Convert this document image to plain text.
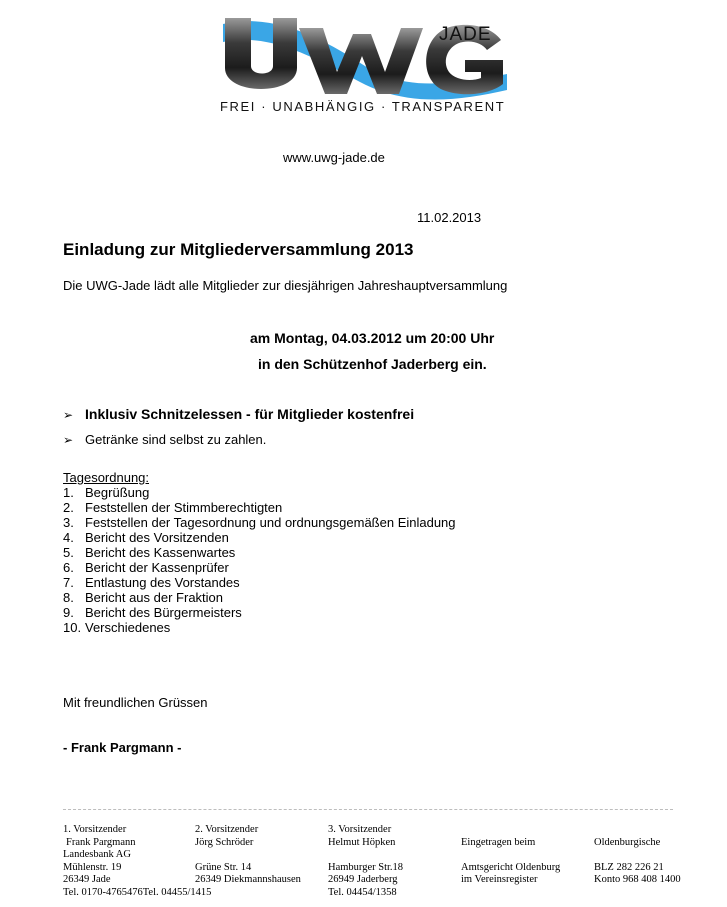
JADE
FREI · UNABHÄNGIG · TRANSPARENT
www.uwg-jade.de
11.02.2013
Einladung zur Mitgliederversammlung 2013
Die UWG-Jade lädt alle Mitglieder zur diesjährigen Jahreshauptversammlung
am Montag, 04.03.2012 um 20:00 Uhr
in den Schützenhof Jaderberg ein.
➢ Inklusiv Schnitzelessen - für Mitglieder kostenfrei
➢ Getränke sind selbst zu zahlen.
Tagesordnung:
1. Begrüßung
2. Feststellen der Stimmberechtigten
3. Feststellen der Tagesordnung und ordnungsgemäßen Einladung
4. Bericht des Vorsitzenden
5. Bericht des Kassenwartes
6. Bericht der Kassenprüfer
7. Entlastung des Vorstandes
8. Bericht aus der Fraktion
9. Bericht des Bürgermeisters
10. Verschiedenes
Mit freundlichen Grüssen
- Frank Pargmann -
1. Vorsitzender
Frank Pargmann
Landesbank AG
Mühlenstr. 19
26349 Jade
Tel. 0170-4765476Tel. 04455/1415
2. Vorsitzender
Jörg Schröder
Grüne Str. 14
26349 Diekmannshausen
3. Vorsitzender
Helmut Höpken
Hamburger Str.18
26949 Jaderberg
Tel. 04454/1358
Eingetragen beim
Amtsgericht Oldenburg
im Vereinsregister
Oldenburgische
BLZ 282 226 21
Konto 968 408 1400
